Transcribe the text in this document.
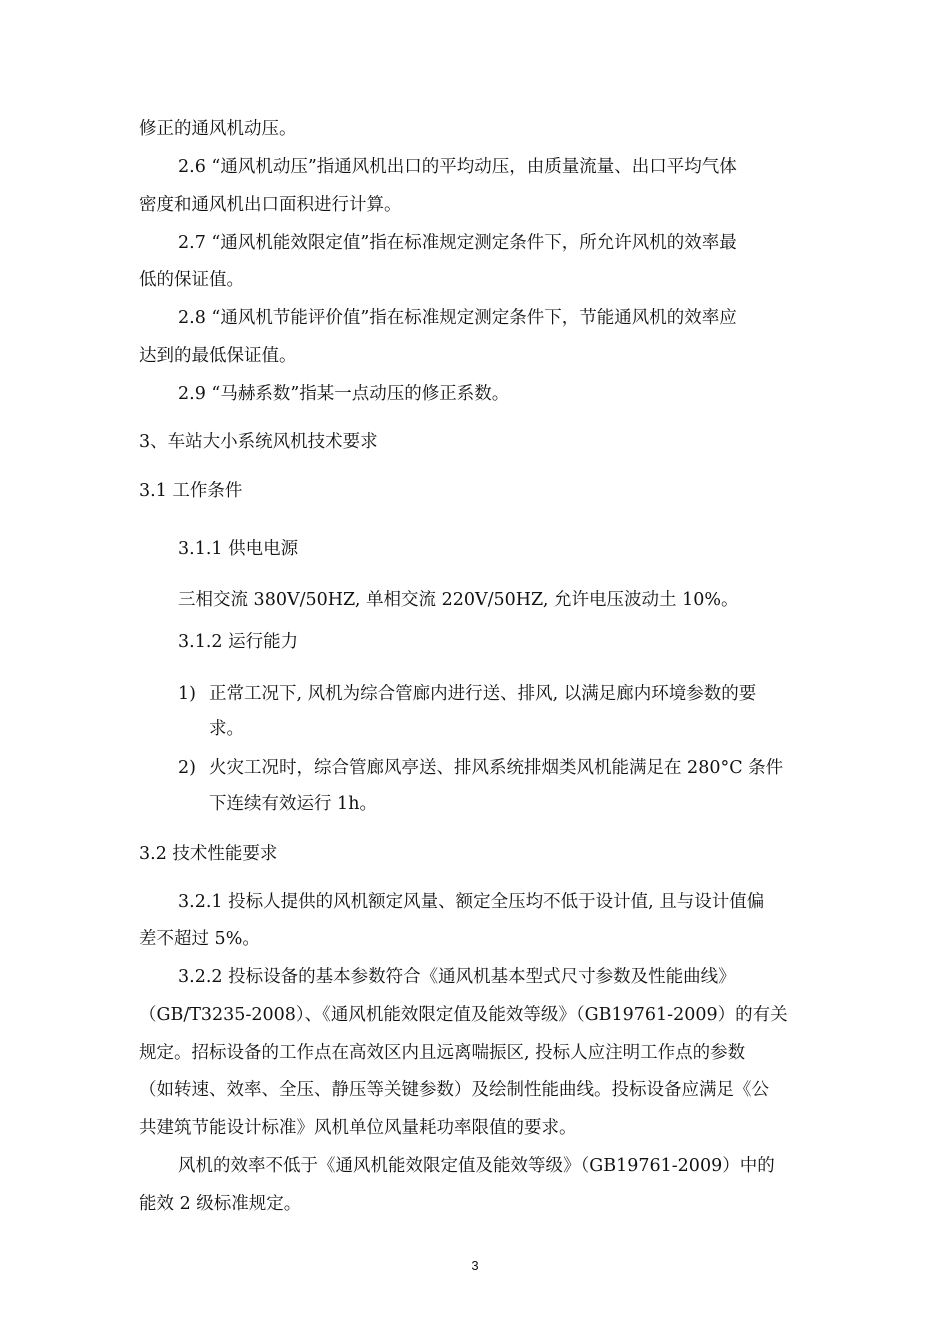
修正的通风机动压。
2.6 “通风机动压”指通风机出口的平均动压，由质量流量、出口平均气体
密度和通风机出口面积进行计算。
2.7 “通风机能效限定值”指在标准规定测定条件下，所允许风机的效率最
低的保证值。
2.8 “通风机节能评价值”指在标准规定测定条件下，节能通风机的效率应
达到的最低保证值。
2.9 “马赫系数”指某一点动压的修正系数。
3、车站大小系统风机技术要求
3.1 工作条件
3.1.1 供电电源
三相交流 380V/50HZ, 单相交流 220V/50HZ, 允许电压波动土 10%。
3.1.2 运行能力
1) 正常工况下, 风机为综合管廊内进行送、排风, 以满足廊内环境参数的要
求。
2) 火灾工况时，综合管廊风亭送、排风系统排烟类风机能满足在 280°C 条件
下连续有效运行 1h。
3.2 技术性能要求
3.2.1 投标人提供的风机额定风量、额定全压均不低于设计值, 且与设计值偏
差不超过 5%。
3.2.2 投标设备的基本参数符合《通风机基本型式尺寸参数及性能曲线》
（GB/T3235-2008）、《通风机能效限定值及能效等级》（GB19761-2009）的有关
规定。招标设备的工作点在高效区内且远离喘振区, 投标人应注明工作点的参数
（如转速、效率、全压、静压等关键参数）及绘制性能曲线。投标设备应满足《公
共建筑节能设计标准》风机单位风量耗功率限值的要求。
风机的效率不低于《通风机能效限定值及能效等级》（GB19761-2009）中的
能效 2 级标准规定。
3
